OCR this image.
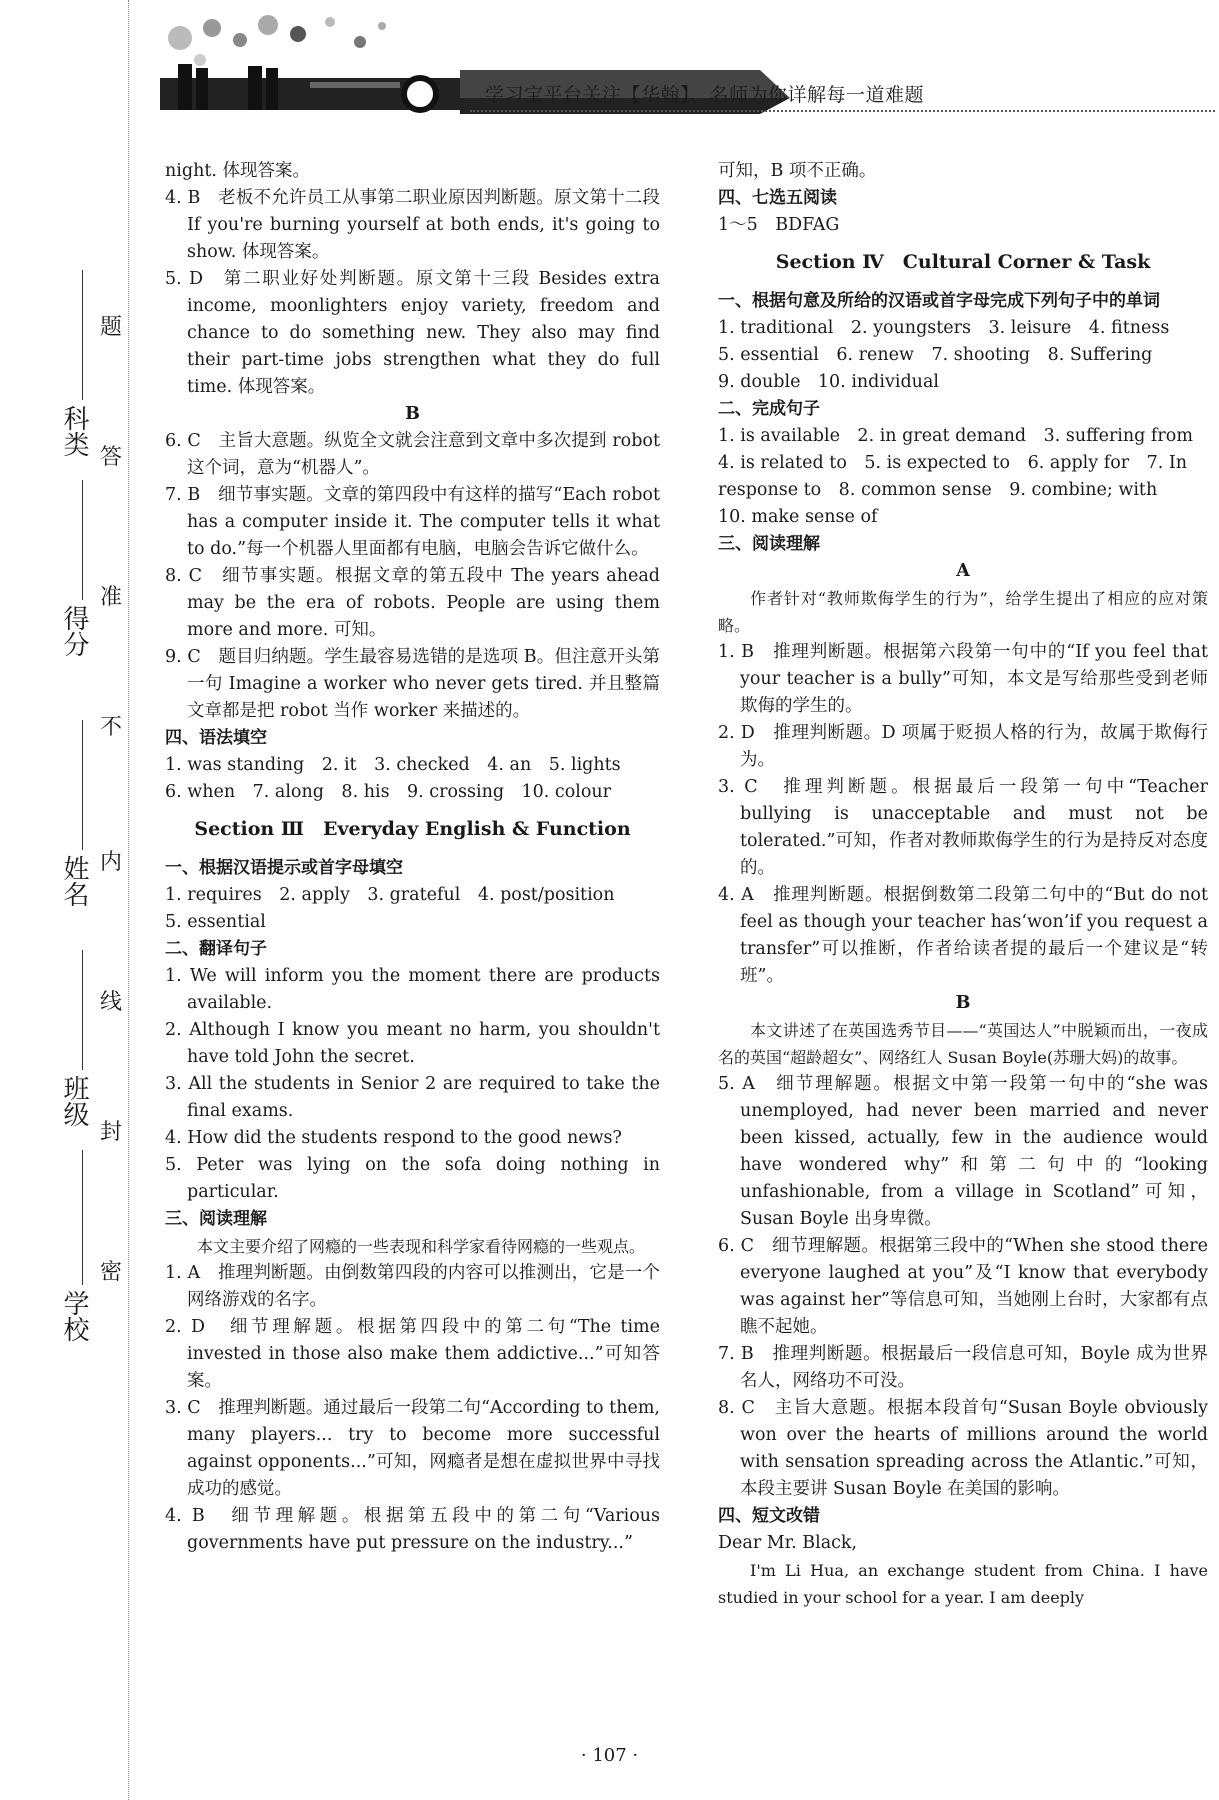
学习宝平台关注【华翰】、名师为你详解每一道难题
科类
得分
姓名
班级
学校
题
答
准
不
内
线
封
密
night. 体现答案。
4. B　老板不允许员工从事第二职业原因判断题。原文第十二段 If you're burning yourself at both ends, it's going to show. 体现答案。
5. D　第二职业好处判断题。原文第十三段 Besides extra income, moonlighters enjoy variety, freedom and chance to do something new. They also may find their part-time jobs strengthen what they do full time. 体现答案。
B
6. C　主旨大意题。纵览全文就会注意到文章中多次提到 robot 这个词，意为“机器人”。
7. B　细节事实题。文章的第四段中有这样的描写“Each robot has a computer inside it. The computer tells it what to do.”每一个机器人里面都有电脑，电脑会告诉它做什么。
8. C　细节事实题。根据文章的第五段中 The years ahead may be the era of robots. People are using them more and more. 可知。
9. C　题目归纳题。学生最容易选错的是选项 B。但注意开头第一句 Imagine a worker who never gets tired. 并且整篇文章都是把 robot 当作 worker 来描述的。
四、语法填空
1. was standing　2. it　3. checked　4. an　5. lights
6. when　7. along　8. his　9. crossing　10. colour
Section Ⅲ　Everyday English & Function
一、根据汉语提示或首字母填空
1. requires　2. apply　3. grateful　4. post/position
5. essential
二、翻译句子
1. We will inform you the moment there are products available.
2. Although I know you meant no harm, you shouldn't have told John the secret.
3. All the students in Senior 2 are required to take the final exams.
4. How did the students respond to the good news?
5. Peter was lying on the sofa doing nothing in particular.
三、阅读理解
本文主要介绍了网瘾的一些表现和科学家看待网瘾的一些观点。
1. A　推理判断题。由倒数第四段的内容可以推测出，它是一个网络游戏的名字。
2. D　细节理解题。根据第四段中的第二句“The time invested in those also make them addictive...”可知答案。
3. C　推理判断题。通过最后一段第二句“According to them, many players... try to become more successful against opponents...”可知，网瘾者是想在虚拟世界中寻找成功的感觉。
4. B　细节理解题。根据第五段中的第二句“Various governments have put pressure on the industry...”
可知，B 项不正确。
四、七选五阅读
1～5　BDFAG
Section Ⅳ　Cultural Corner & Task
一、根据句意及所给的汉语或首字母完成下列句子中的单词
1. traditional　2. youngsters　3. leisure　4. fitness
5. essential　6. renew　7. shooting　8. Suffering
9. double　10. individual
二、完成句子
1. is available　2. in great demand　3. suffering from
4. is related to　5. is expected to　6. apply for　7. In
response to　8. common sense　9. combine; with
10. make sense of
三、阅读理解
A
作者针对“教师欺侮学生的行为”，给学生提出了相应的应对策略。
1. B　推理判断题。根据第六段第一句中的“If you feel that your teacher is a bully”可知，本文是写给那些受到老师欺侮的学生的。
2. D　推理判断题。D 项属于贬损人格的行为，故属于欺侮行为。
3. C　推理判断题。根据最后一段第一句中“Teacher bullying is unacceptable and must not be tolerated.”可知，作者对教师欺侮学生的行为是持反对态度的。
4. A　推理判断题。根据倒数第二段第二句中的“But do not feel as though your teacher has‘won’if you request a transfer”可以推断，作者给读者提的最后一个建议是“转班”。
B
本文讲述了在英国选秀节目——“英国达人”中脱颖而出，一夜成名的英国“超龄超女”、网络红人 Susan Boyle(苏珊大妈)的故事。
5. A　细节理解题。根据文中第一段第一句中的“she was unemployed, had never been married and never been kissed, actually, few in the audience would have wondered why”和第二句中的“looking unfashionable, from a village in Scotland”可知，Susan Boyle 出身卑微。
6. C　细节理解题。根据第三段中的“When she stood there everyone laughed at you”及“I know that everybody was against her”等信息可知，当她刚上台时，大家都有点瞧不起她。
7. B　推理判断题。根据最后一段信息可知，Boyle 成为世界名人，网络功不可没。
8. C　主旨大意题。根据本段首句“Susan Boyle obviously won over the hearts of millions around the world with sensation spreading across the Atlantic.”可知，本段主要讲 Susan Boyle 在美国的影响。
四、短文改错
Dear Mr. Black,
I'm Li Hua, an exchange student from China. I have studied in your school for a year. I am deeply
· 107 ·
